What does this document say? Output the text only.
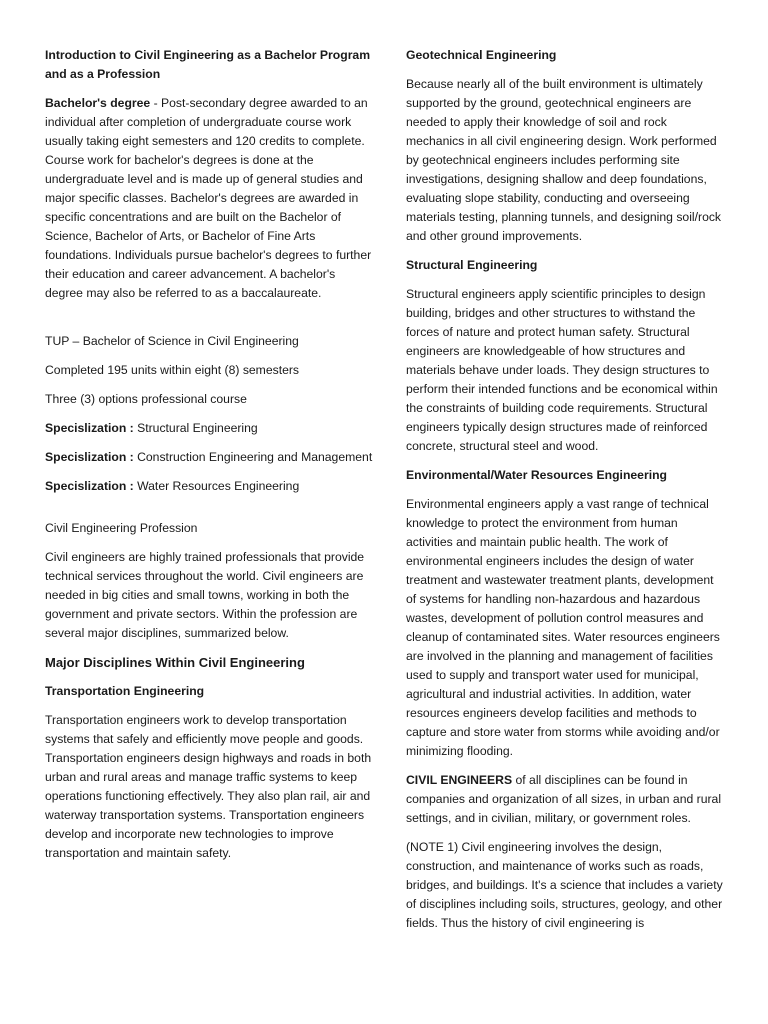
Introduction to Civil Engineering as a Bachelor Program and as a Profession

Bachelor's degree - Post-secondary degree awarded to an individual after completion of undergraduate course work usually taking eight semesters and 120 credits to complete. Course work for bachelor's degrees is done at the undergraduate level and is made up of general studies and major specific classes. Bachelor's degrees are awarded in specific concentrations and are built on the Bachelor of Science, Bachelor of Arts, or Bachelor of Fine Arts foundations. Individuals pursue bachelor's degrees to further their education and career advancement. A bachelor's degree may also be referred to as a baccalaureate.

TUP – Bachelor of Science in Civil Engineering

Completed 195 units within eight (8) semesters

Three (3) options professional course

Specislization : Structural Engineering

Specislization : Construction Engineering and Management

Specislization : Water Resources Engineering

Civil Engineering Profession

Civil engineers are highly trained professionals that provide technical services throughout the world. Civil engineers are needed in big cities and small towns, working in both the government and private sectors. Within the profession are several major disciplines, summarized below.

Major Disciplines Within Civil Engineering

Transportation Engineering

Transportation engineers work to develop transportation systems that safely and efficiently move people and goods. Transportation engineers design highways and roads in both urban and rural areas and manage traffic systems to keep operations functioning effectively. They also plan rail, air and waterway transportation systems. Transportation engineers develop and incorporate new technologies to improve transportation and maintain safety.

Geotechnical Engineering

Because nearly all of the built environment is ultimately supported by the ground, geotechnical engineers are needed to apply their knowledge of soil and rock mechanics in all civil engineering design. Work performed by geotechnical engineers includes performing site investigations, designing shallow and deep foundations, evaluating slope stability, conducting and overseeing materials testing, planning tunnels, and designing soil/rock and other ground improvements.

Structural Engineering

Structural engineers apply scientific principles to design building, bridges and other structures to withstand the forces of nature and protect human safety. Structural engineers are knowledgeable of how structures and materials behave under loads. They design structures to perform their intended functions and be economical within the constraints of building code requirements. Structural engineers typically design structures made of reinforced concrete, structural steel and wood.

Environmental/Water Resources Engineering

Environmental engineers apply a vast range of technical knowledge to protect the environment from human activities and maintain public health. The work of environmental engineers includes the design of water treatment and wastewater treatment plants, development of systems for handling non-hazardous and hazardous wastes, development of pollution control measures and cleanup of contaminated sites. Water resources engineers are involved in the planning and management of facilities used to supply and transport water used for municipal, agricultural and industrial activities. In addition, water resources engineers develop facilities and methods to capture and store water from storms while avoiding and/or minimizing flooding.

CIVIL ENGINEERS of all disciplines can be found in companies and organization of all sizes, in urban and rural settings, and in civilian, military, or government roles.

(NOTE 1) Civil engineering involves the design, construction, and maintenance of works such as roads, bridges, and buildings. It's a science that includes a variety of disciplines including soils, structures, geology, and other fields. Thus the history of civil engineering is
